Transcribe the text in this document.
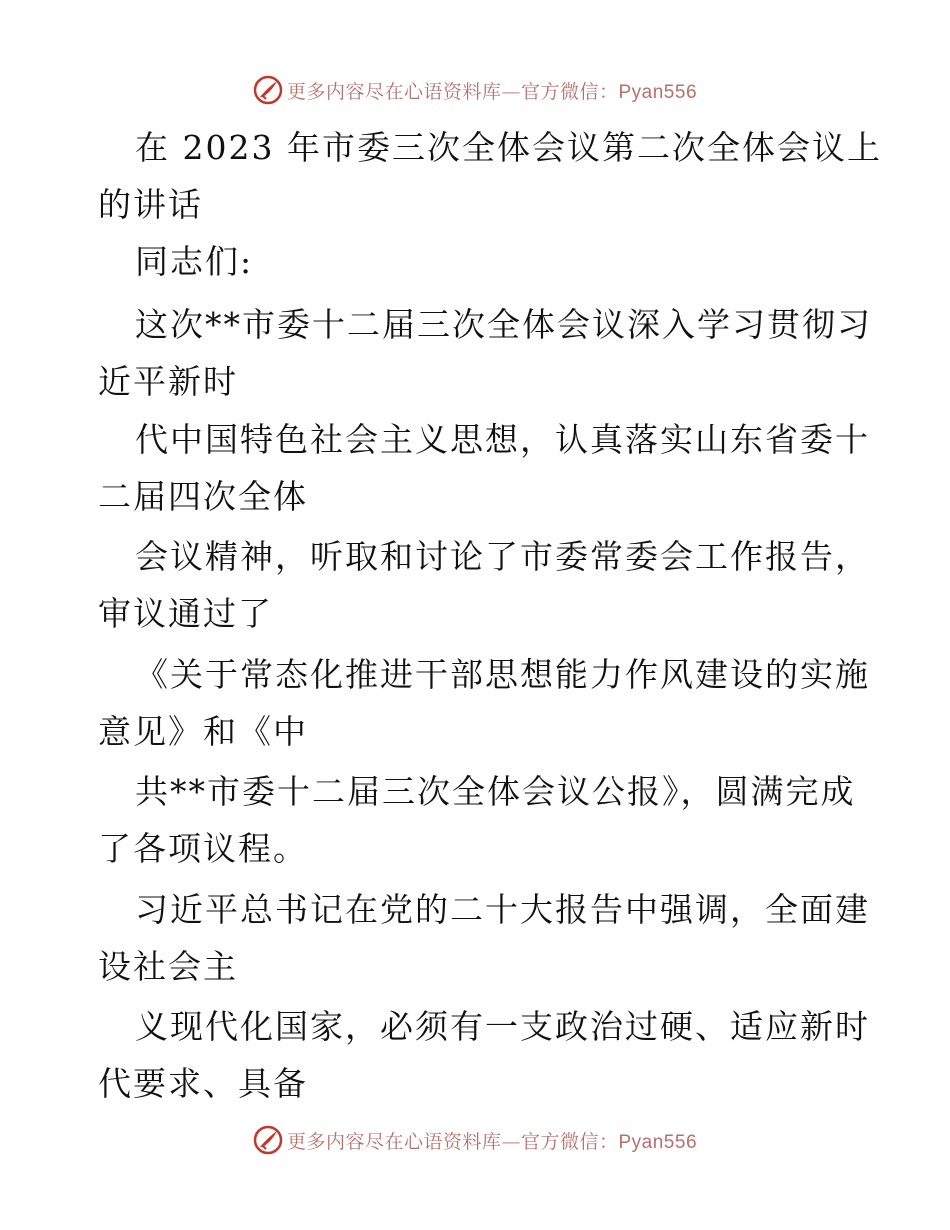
更多内容尽在心语资料库—官方微信：Pyan556
在 2023 年市委三次全体会议第二次全体会议上
的讲话
同志们:
这次**市委十二届三次全体会议深入学习贯彻习
近平新时
代中国特色社会主义思想，认真落实山东省委十
二届四次全体
会议精神，听取和讨论了市委常委会工作报告，
审议通过了
《关于常态化推进干部思想能力作风建设的实施
意见》和《中
共**市委十二届三次全体会议公报》，圆满完成
了各项议程。
习近平总书记在党的二十大报告中强调，全面建
设社会主
义现代化国家，必须有一支政治过硬、适应新时
代要求、具备
更多内容尽在心语资料库—官方微信：Pyan556
